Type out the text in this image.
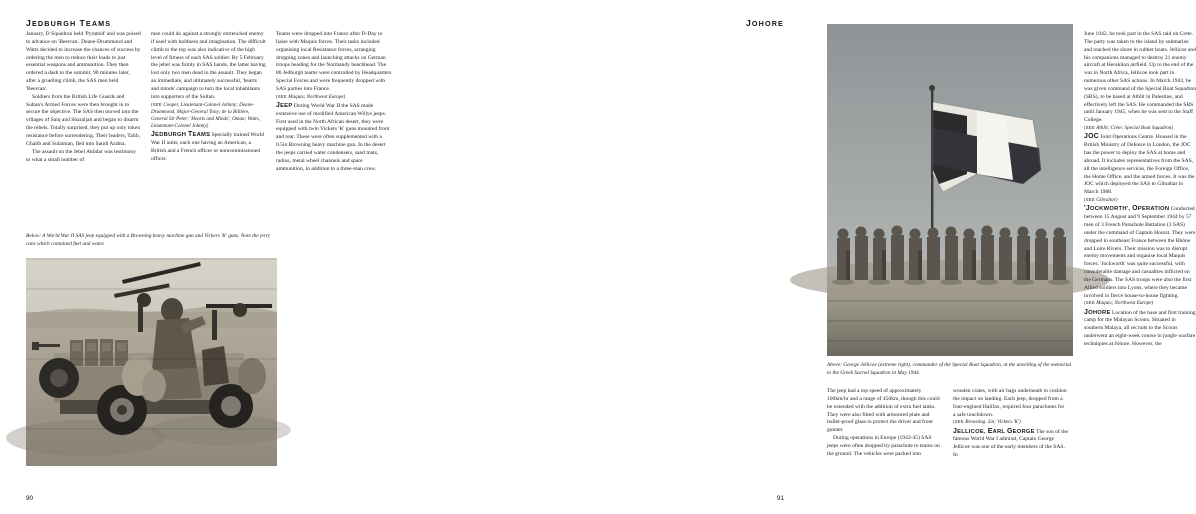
JEDBURGH TEAMS

January, D Squadron held 'Pyramid' and was poised to advance on 'Beercan'. Deane-Drummond and Watts decided to increase the chances of success by ordering the men to reduce their loads to just essential weapons and ammunition. They then ordered a dash to the summit, 90 minutes later, after a gruelling climb, the SAS men held 'Beercan'.

Soldiers from the British Life Guards and Sultan's Armed Forces were then brought in to secure the objective. The SAS then moved into the villages of Saiq and Sharaijah and began to disarm the rebels. Totally surprised, they put up only token resistance before surrendering. Their leaders, Talib, Ghalib and Sulaiman, fled into Saudi Arabia.

The assault on the Jebel Akhdar was testimony to what a small number of

men could do against a strongly entrenched enemy if used with boldness and imagination. The difficult climb to the top was also indicative of the high level of fitness of each SAS soldier. By 5 February the jebel was firmly in SAS hands, the latter having lost only two men dead in the assault. They began an immediate, and ultimately successful, 'hearts and minds' campaign to turn the local inhabitants into supporters of the Sultan.

(SEE Cooper, Lieutenant-Colonel Johnny; Deane-Drummond, Major-General Tony; de la Billière, General Sir Peter; 'Hearts and Minds'; Oman; Watts, Lieutenant-Colonel Johnny)

JEDBURGH TEAMS Specially trained World War II units, each one having an American, a British and a French officer or noncommissioned officer.

Teams were dropped into France after D-Day to liaise with Maquis forces. Their tasks included organising local Resistance forces, arranging dropping zones and launching attacks on German troops heading for the Normandy beachhead. The 86 Jedburgh teams were controlled by Headquarters Special Forces and were frequently dropped with SAS parties into France.

(SEE Maquis; Northwest Europe)

JEEP During World War II the SAS made extensive use of modified American Willys jeeps. First used in the North African desert, they were equipped with twin Vickers 'K' guns mounted front and rear. These were often supplemented with a 0.5in Browning heavy machine gun. In the desert the jeeps carried water condensers, sand mats, radios, metal wheel channels and spare ammunition, in addition to a three-man crew.

Below: A World War II SAS jeep equipped with a Browning heavy machine gun and Vickers 'K' guns. Note the jerry cans which contained fuel and water.
90
JOHORE
Above: George Jellicoe (extreme right), commander of the Special Boat Squadron, at the unveiling of the memorial to the Greek Sacred Squadron in May 1944.

The jeep had a top speed of approximately 100km/hr and a range of 450km, though this could be extended with the addition of extra fuel tanks. They were also fitted with armoured plate and bullet-proof glass to protect the driver and front gunner.

During operations in Europe (1943-45) SAS jeeps were often dropped by parachute to teams on the ground. The vehicles were packed into

wooden crates, with air bags underneath to cushion the impact on landing. Each jeep, dropped from a four-engined Halifax, required four parachutes for a safe touchdown.

(SEE Browning .5in; Vickers 'K')

JELLICOE, EARL GEORGE The son of the famous World War I admiral, Captain George Jellicoe was one of the early members of the SAS. In

June 1942, he took part in the SAS raid on Crete. The party was taken to the island by submarine and reached the shore in rubber boats. Jellicoe and his companions managed to destroy 21 enemy aircraft at Heraklion airfield. Up to the end of the war in North Africa, Jellicoe took part in numerous other SAS actions. In March 1943, he was given command of the Special Boat Squadron (SBS), to be based at Athlit in Palestine, and effectively left the SAS. He commanded the SBS until January 1945, when he was sent to the Staff College.

(SEE Athlit; Crete; Special Boat Squadron)

JOC Joint Operations Centre. Housed in the British Ministry of Defence in London, the JOC has the power to deploy the SAS at home and abroad. It includes representatives from the SAS, all the intelligence services, the Foreign Office, the Home Office, and the armed forces. It was the JOC which deployed the SAS to Gibraltar in March 1988.

(SEE Gibraltar)

'JOCKWORTH', OPERATION Conducted between 15 August and 9 September 1944 by 57 men of 3 French Parachute Battalion (3 SAS) under the command of Captain Hourst. They were dropped in southeast France between the Rhône and Loire Rivers. Their mission was to disrupt enemy movements and organise local Maquis forces. 'Jockworth' was quite successful, with considerable damage and casualties inflicted on the Germans. The SAS troops were also the first Allied soldiers into Lyons, where they became involved in fierce house-to-house fighting.

(SEE Maquis; Northwest Europe)

JOHORE Location of the base and first training camp for the Malayan Scouts. Situated in southern Malaya, all recruits to the Scouts underwent an eight-week course in jungle warfare techniques at Johore. However, the

91
